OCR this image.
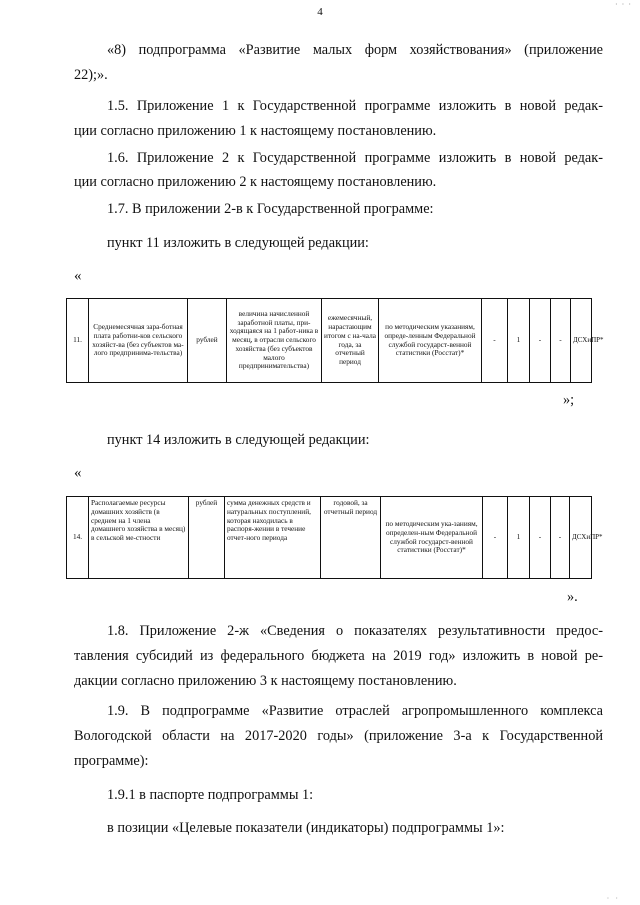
4
· · ·
· ·
«8) подпрограмма «Развитие малых форм хозяйствования» (приложение
22);».
1.5. Приложение 1 к Государственной программе изложить в новой редак-
ции согласно приложению 1 к настоящему постановлению.
1.6. Приложение 2 к Государственной программе изложить в новой редак-
ции согласно приложению 2 к настоящему постановлению.
1.7. В приложении 2-в к Государственной программе:
пункт 11 изложить в следующей редакции:
«
11.	Среднемесячная зара-ботная плата работни-ков сельского хозяйст-ва (без субъектов ма-лого предпринима-тельства)	рублей	величина начисленной заработной платы, при-ходящаяся на 1 работ-ника в месяц, в отрасли сельского хозяйства (без субъектов малого предпринимательства)	ежемесячный, нарастающим итогом с на-чала года, за отчетный период	по методическим указаниям, опреде-ленным Федеральной службой государст-венной статистики (Росстат)*	-	1	-	-	ДСХиПР*
»;
пункт 14 изложить в следующей редакции:
«
14.	Располагаемые ресурсы домашних хозяйств (в среднем на 1 члена домашнего хозяйства в месяц) в сельской ме-стности	рублей	сумма денежных средств и натуральных поступлений, которая находилась в распоря-жении в течение отчет-ного периода	годовой, за отчетный период	по методическим ука-заниям, определен-ным Федеральной службой государст-венной статистики (Росстат)*	-	1	-	-	ДСХиПР*
».
1.8. Приложение 2-ж «Сведения о показателях результативности предос-
тавления субсидий из федерального бюджета на 2019 год» изложить в новой ре-
дакции согласно приложению 3 к настоящему постановлению.
1.9. В подпрограмме «Развитие отраслей агропромышленного комплекса
Вологодской области на 2017-2020 годы» (приложение 3-а к Государственной
программе):
1.9.1 в паспорте подпрограммы 1:
в позиции «Целевые показатели (индикаторы) подпрограммы 1»:
